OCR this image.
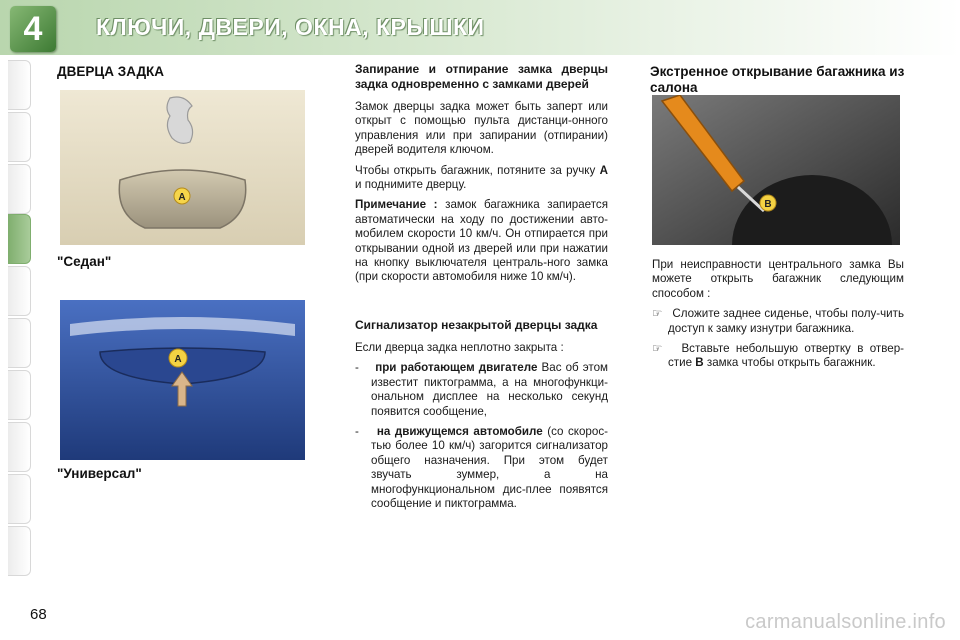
4	КЛЮЧИ, ДВЕРИ, ОКНА, КРЫШКИ
ДВЕРЦА ЗАДКА
A
"Седан"
A
"Универсал"
Запирание и отпирание замка дверцы задка одновременно с замками дверей

Замок дверцы задка может быть заперт или открыт с помощью пульта дистанци-онного управления или при запирании (отпирании) дверей водителя ключом.

Чтобы открыть багажник, потяните за ручку A и поднимите дверцу.

Примечание : замок багажника запирается автоматически на ходу по достижении авто-мобилем скорости 10 км/ч. Он отпирается при открывании одной из дверей или при нажатии на кнопку выключателя централь-ного замка (при скорости автомобиля ниже 10 км/ч).

Сигнализатор незакрытой дверцы задка

Если дверца задка неплотно закрыта :

- при работающем двигателе Вас об этом известит пиктограмма, а на многофункци-ональном дисплее на несколько секунд появится сообщение,

- на движущемся автомобиле (со скорос-тью более 10 км/ч) загорится сигнализатор общего назначения. При этом будет звучать зуммер, а на многофункциональном дис-плее появятся сообщение и пиктограмма.

Экстренное открывание багажника из салона
B

При неисправности центрального замка Вы можете открыть багажник следующим способом :

☞ Сложите заднее сиденье, чтобы полу-чить доступ к замку изнутри багажника.

☞ Вставьте небольшую отвертку в отвер-стие B замка чтобы открыть багажник.

68	carmanualsonline.info
